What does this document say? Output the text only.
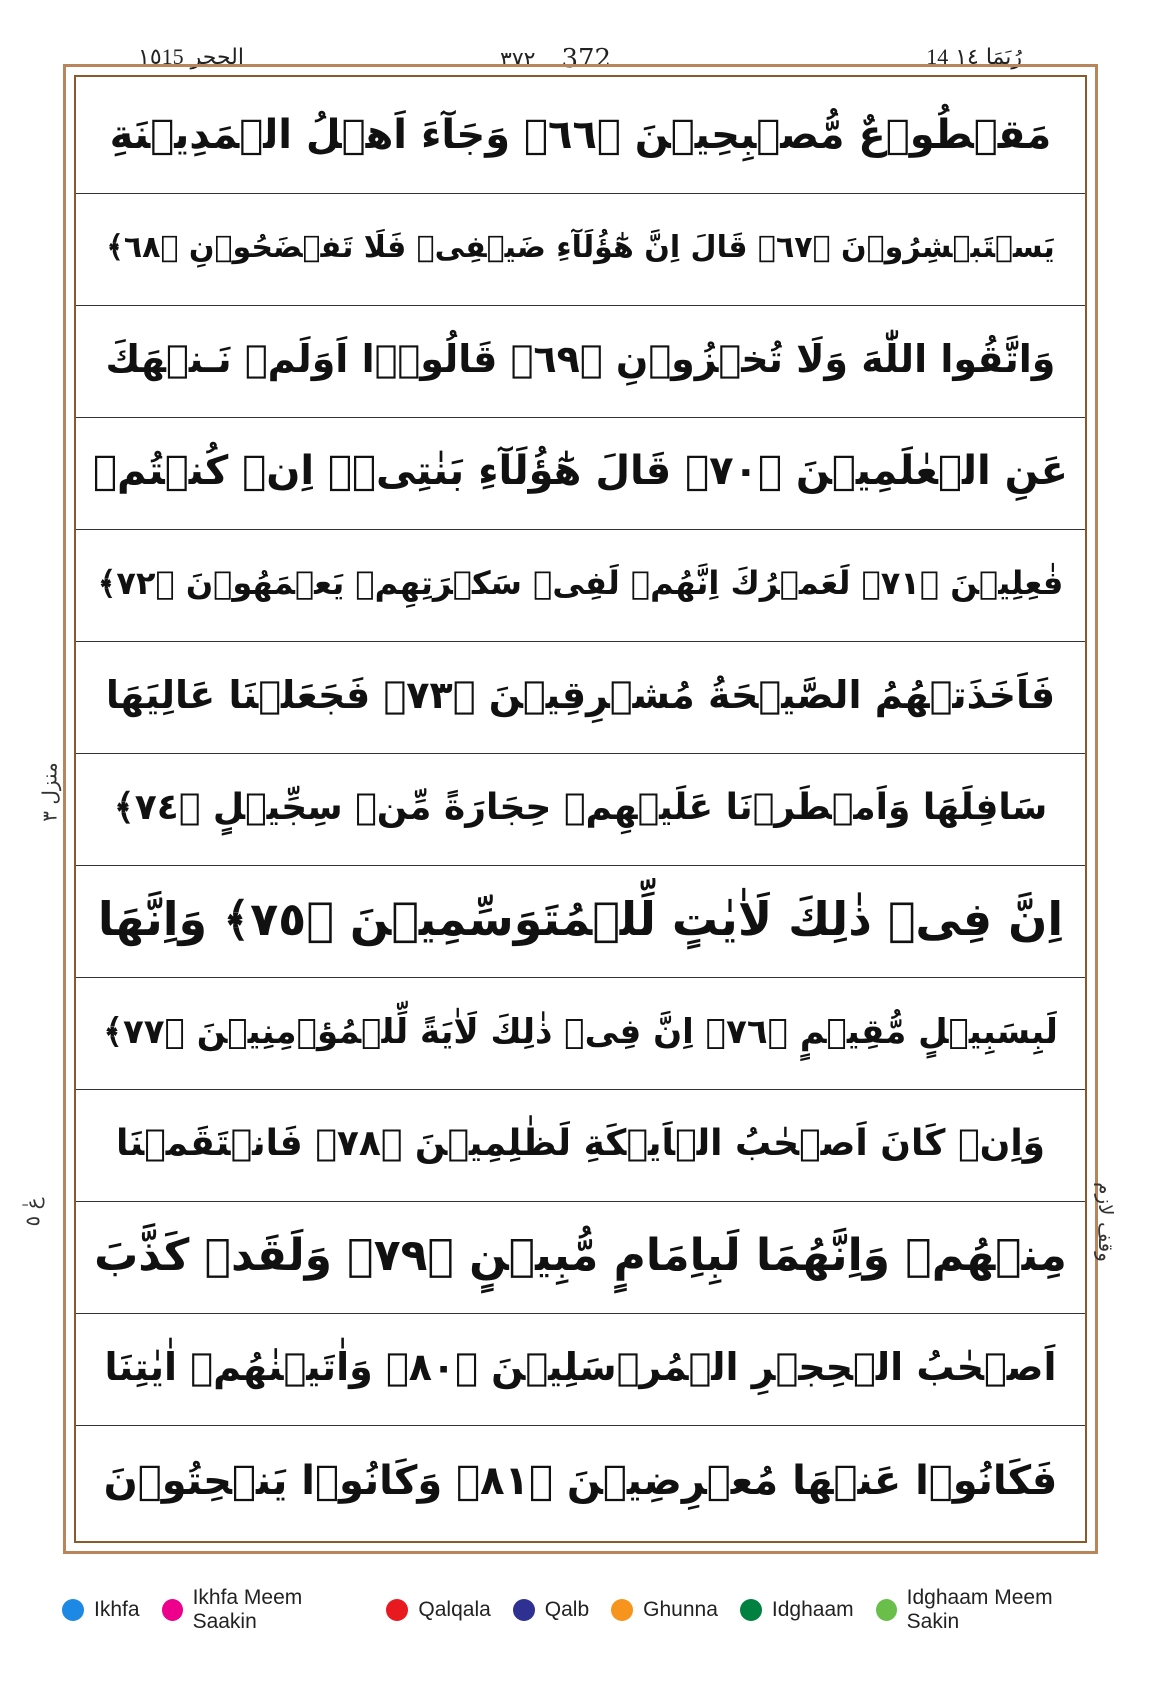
الحجر ١٥15	٣٧٢ 372	رُبَمَا ١٤ 14
مَقۡطُوۡعٌ مُّصۡبِحِيۡنَ ﴿٦٦﴾ وَجَآءَ اَهۡلُ الۡمَدِيۡنَةِ
يَسۡتَبۡشِرُوۡنَ ﴿٦٧﴾ قَالَ اِنَّ هٰٓؤُلَآءِ ضَيۡفِىۡ فَلَا تَفۡضَحُوۡنِ ﴿٦٨﴾
وَاتَّقُوا اللّٰهَ وَلَا تُخۡزُوۡنِ ﴿٦٩﴾ قَالُوۡۤا اَوَلَمۡ نَـنۡهَكَ
عَنِ الۡعٰلَمِيۡنَ ﴿٧٠﴾ قَالَ هٰٓؤُلَآءِ بَنٰتِىۡۤ اِنۡ كُنۡتُمۡ
فٰعِلِيۡنَ ﴿٧١﴾ لَعَمۡرُكَ اِنَّهُمۡ لَفِىۡ سَكۡرَتِهِمۡ يَعۡمَهُوۡنَ ﴿٧٢﴾
فَاَخَذَتۡهُمُ الصَّيۡحَةُ مُشۡرِقِيۡنَ ﴿٧٣﴾ فَجَعَلۡنَا عَالِيَهَا
سَافِلَهَا وَاَمۡطَرۡنَا عَلَيۡهِمۡ حِجَارَةً مِّنۡ سِجِّيۡلٍ ﴿٧٤﴾
اِنَّ فِىۡ ذٰلِكَ لَاٰيٰتٍ لِّلۡمُتَوَسِّمِيۡنَ ﴿٧٥﴾ وَاِنَّهَا
لَبِسَبِيۡلٍ مُّقِيۡمٍ ﴿٧٦﴾ اِنَّ فِىۡ ذٰلِكَ لَاٰيَةً لِّلۡمُؤۡمِنِيۡنَ ﴿٧٧﴾
وَاِنۡ كَانَ اَصۡحٰبُ الۡاَيۡكَةِ لَظٰلِمِيۡنَ ﴿٧٨﴾ فَانۡتَقَمۡنَا
مِنۡهُمۡ وَاِنَّهُمَا لَبِاِمَامٍ مُّبِيۡنٍ ﴿٧٩﴾ وَلَقَدۡ كَذَّبَ
اَصۡحٰبُ الۡحِجۡرِ الۡمُرۡسَلِيۡنَ ﴿٨٠﴾ وَاٰتَيۡنٰهُمۡ اٰيٰتِنَا
فَكَانُوۡا عَنۡهَا مُعۡرِضِيۡنَ ﴿٨١﴾ وَكَانُوۡا يَنۡحِتُوۡنَ
منزل ٣
عٰ ٥	وقف لازم
Ikhfa
Ikhfa Meem Saakin
Qalqala	Qalb	Ghunna	Idghaam
Idghaam Meem Sakin
